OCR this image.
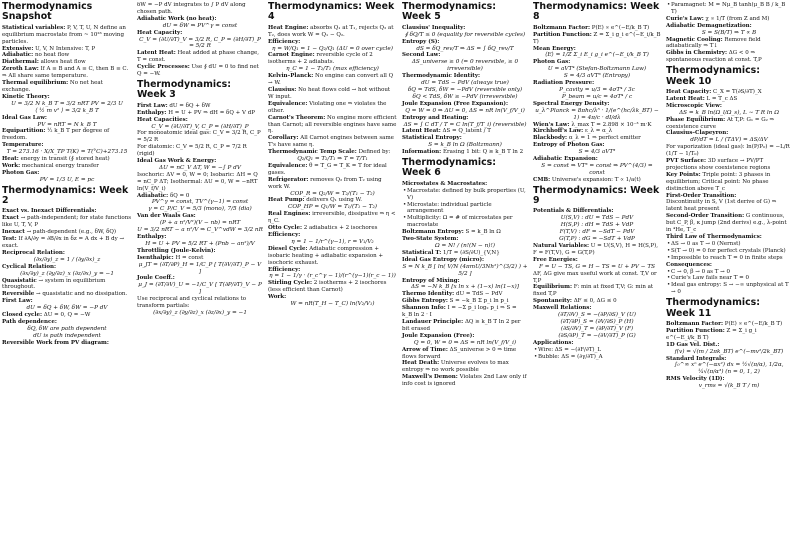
Thermodynamics Snapshot

Statistical variables: P, V, T, U, N define an equilibrium macrostate from ~ 10²³ moving particles.

Extensive: U, V, N Intensive: T, P

Adiabatic: no heat flow

Diathermal: allows heat flow

Zeroth Law: If A ≡ B and A ≡ C, then B ≡ C.

⇒ All share same temperature.

Thermal equilibrium: No net heat exchange.

Kinetic Theory:

U = 3/2 N k_B T = 3/2 nRT PV = 2/3 U

⟨ ½ m v² ⟩ = 3/2 k_B T

Ideal Gas Law:

PV = nRT = N k_B T

Equipartition: ½ k_B T per degree of freedom.

Temperature:

T = 273.16 · X/X_TP T(K) = T(°C)+273.15

Heat: energy in transit (∮ stored heat)

Work: mechanical energy transfer

Photon Gas:

PV = 1/3 U, E = pc

Thermodynamics: Week 2

Exact vs. Inexact Differentials:

Exact → path-independent; for state functions like U, T, V, P

Inexact → path-dependent (e.g., δW, δQ)

Test: If ∂A/∂y = ∂B/∂x in δz = A dx + B dy → exact.

Reciprocal Relation:

(∂x/∂y)_z = 1 / (∂y/∂x)_z

Cyclical Relation:

(∂x/∂y)_z (∂y/∂z)_x (∂z/∂x)_y = −1

Quasistatic → system in equilibrium throughout.

Reversible → quasistatic and no dissipation.

First Law:

dU = δQ + δW, δW = −P dV

Closed cycle: ΔU = 0, Q = −W

Path dependence:

δQ, δW are path dependent

dU is path independent

Reversible Work from PV diagram:

δW = −P dV integrates to ∫ P dV along chosen path.

Adiabatic Work (no heat):

dU = δW ⇒ PV^γ = const

Heat Capacity:

C_V = (∂U/∂T)_V = 3/2 R, C_P = (∂H/∂T)_P = 5/2 R

Latent Heat: Heat added at phase change, T = const.

Cyclic Processes: Use ∮ dU = 0 to find net Q = −W.

Thermodynamics: Week 3

First Law: dU = δQ + δW

Enthalpy: H = U + PV ⇒ dH = δQ + V dP

Heat Capacities:

C_V = (∂U/∂T)_V, C_P = (∂H/∂T)_P

For monoatomic ideal gas: C_V = 3/2 R, C_P = 5/2 R

For diatomic: C_V = 5/2 R, C_P = 7/2 R (rigid)

Ideal Gas Work & Energy:

ΔU = nC_V ΔT, W = −∫ P dV

Isochoric: ΔV = 0, W = 0; Isobaric: ΔH = Q = nC_P ΔT; Isothermal: ΔU = 0, W = −nRT ln(V_f/V_i)

Adiabatic: δQ = 0

PV^γ = const, TV^(γ−1) = const

γ = C_P/C_V = 5/3 (mono), 7/5 (dia)

Van der Waals Gas:

(P + a n²/V²)(V − nb) = nRT

U = 3/2 nRT − a n²/V ⇒ C_V^vdW = 3/2 nR

Enthalpy:

H = U + PV = 5/2 RT + (Pnb − an²)/V

Throttling (Joule-Kelvin):

Isenthalpic: H = const

μ_JT = (∂T/∂P)_H = 1/C_P [ T(∂V/∂T)_P − V ]

Joule Coeff.:

μ_J = (∂T/∂V)_U = −1/C_V [ T(∂P/∂T)_V − P ]

Use reciprocal and cyclical relations to transform partials:

(∂x/∂y)_z (∂y/∂z)_x (∂z/∂x)_y = −1

Thermodynamics: Week 4

Heat Engine: absorbs Q₁ at T₁, rejects Q₂ at T₂, does work W = Q₁ − Q₂.

Efficiency:

η = W/Q₁ = 1 − Q₂/Q₁ (ΔU = 0 over cycle)

Carnot Engine: reversible cycle of 2 isotherms + 2 adiabats.

η_C = 1 − T₂/T₁ (max efficiency)

Kelvin–Planck: No engine can convert all Q → W.

Clausius: No heat flows cold → hot without W input.

Equivalence: Violating one ⇒ violates the other.

Carnot's Theorem: No engine more efficient than Carnot; all reversible engines have same η.

Corollary: All Carnot engines between same T's have same η.

Thermodynamic Temp Scale: Defined by:

Q₂/Q₁ = T₂/T₁ ⇒ T = T/T₁

Equivalence: θ = T_G = T_K = T for ideal gases.

Refrigerator: removes Q₂ from T₂ using work W.

COP_R = Q₂/W = T₂/(T₁ − T₂)

Heat Pump: delivers Q₁ using W.

COP_HP = Q₁/W = T₁/(T₁ − T₂)

Real Engines: irreversible, dissipative ⇒ η < η_C.

Otto Cycle: 2 adiabatics + 2 isochores

Efficiency:

η = 1 − 1/r^(γ−1), r = V₁/V₂

Diesel Cycle: Adiabatic compression + isobaric heating + adiabatic expansion + isochoric exhaust.

Efficiency:

η = 1 − 1/γ · (r_c^γ − 1)/(r^(γ−1)(r_c − 1))

Stirling Cycle: 2 isotherms + 2 isochores (less efficient than Carnot)

Work:

W = nR(T_H − T_C) ln(V₂/V₁)

Thermodynamics: Week 5

Clausius' Inequality:

∮ δQ/T ≤ 0 (equality for reversible cycles)

Entropy (S):

dS = δQ_rev/T ⇒ ΔS = ∫ δQ_rev/T

Second Law:

ΔS_universe ≥ 0 (= 0 reversible, ≥ 0 irreversible)

Thermodynamic Identity:

dU = TdS − PdV (always true)

δQ = TdS, δW = −PdV (reversible only)

δQ < TdS, δW ≥ −PdV (irreversible)

Joule Expansion (Free Expansion):

Q = W = 0 ⇒ ΔU = 0, ΔS = nR ln(V_f/V_i)

Entropy and Heating:

ΔS = ∫ C dT / T = C ln(T_f/T_i) (reversible)

Latent Heat: ΔS = Q_latent / T

Statistical Entropy:

S = k_B ln Ω (Boltzmann)

Information: Erasing 1 bit: Q ≥ k_B T ln 2

Thermodynamics: Week 6

Microstates & Macrostates:

• Macrostate: defined by bulk properties (U, V)

• Microstate: individual particle arrangement

• Multiplicity: Ω = # of microstates per macrostate

Boltzmann Entropy: S = k_B ln Ω

Two-State System:

Ω = N! / (n!(N − n)!)

Statistical T: 1/T = (∂S/∂U)_{V,N}

Ideal Gas Entropy (micro):

S = N k_B [ ln( V/N (4πmU/3Nh²)^(3/2) ) + 5/2 ]

Entropy of Mixing:

ΔS = −N k_B [x ln x + (1−x) ln(1−x)]

Thermo Identity: dU = TdS − PdV

Gibbs Entropy: S = −k_B Σ p_i ln p_i

Shannon Info: I = −Σ p_i log₂ p_i ⇒ S = k_B ln 2 · I

Landauer Principle: ΔQ ≥ k_B T ln 2 per bit erased

Joule Expansion (Free):

Q = 0, W = 0 ⇒ ΔS = nR ln(V_f/V_i)

Arrow of Time: ΔS_universe > 0 ⇒ time flows forward

Heat Death: Universe evolves to max entropy ⇒ no work possible

Maxwell's Demon: Violates 2nd Law only if info cost is ignored

Thermodynamics: Week 8

Boltzmann Factor: P(E) ∝ e^(−E/k_B T)

Partition Function: Z = Σ_i g_i e^(−E_i/k_B T)

Mean Energy:

⟨E⟩ = 1/Z Σ_i E_i g_i e^(−E_i/k_B T)

Photon Gas:

U = aVT⁴ (Stefan-Boltzmann Law)

S = 4/3 aVT³ (Entropy)

Radiation Pressure:

P_cavity = u/3 = 4σT⁴ / 3c

P_beam = u/c = 4σT⁴ / c

Spectral Energy Density:

u_λ^Planck = 8πhc/λ⁵ · 1/(e^(hc/λk_BT) − 1) = 4π/c · dI/dλ

Wien's Law: λ_max T = 2.898 × 10⁻³ m·K

Kirchhoff's Law: ε_λ = α_λ

Blackbody: α_λ = 1 ⇒ perfect emitter

Entropy of Photon Gas:

S = 4/3 aVT³

Adiabatic Expansion:

S = const ⇒ VT³ = const ⇒ PV^(4/3) = const

CMB: Universe's expansion: T ∝ 1/a(t)

Thermodynamics: Week 9

Potentials & Differentials:

U(S,V) : dU = TdS − PdV

H(S,P) : dH = TdS + VdP

F(T,V) : dF = −SdT − PdV

G(T,P) : dG = −SdT + VdP

Natural Variables: U = U(S,V), H = H(S,P), F = F(T,V), G = G(T,P)

Free Energies:

F = U − TS, G = H − TS = U + PV − TS

ΔF, ΔG give max useful work at const. T,V or T,P

Equilibrium: F: min at fixed T,V; G: min at fixed T,P

Spontaneity: ΔF ≤ 0, ΔG ≤ 0

Maxwell Relations:

(∂T/∂V)_S = −(∂P/∂S)_V (U)

(∂T/∂P)_S = (∂V/∂S)_P (H)

(∂S/∂V)_T = (∂P/∂T)_V (F)

(∂S/∂P)_T = −(∂V/∂T)_P (G)

Applications:

• Wire: ΔS = −(∂F/∂T)_L

• Bubble: ΔS = (∂γ/∂T)_A

• Paramagnet: M = Nμ_B tanh(μ_B B / k_B T)

Curie's Law: χ ∝ 1/T (from Z and M)

Adiabatic Demagnetization:

S = S(B/T) ⇒ T ∝ B

Magnetic Cooling: Remove field adiabatically ⇒ T↓

Gibbs in Chemistry: ΔG < 0 ⇒ spontaneous reaction at const. T,P

Thermodynamics: Week 10

Heat Capacity: C_X = T(∂S/∂T)_X

Latent Heat: L = T_c ΔS

Microscopic View:

ΔS = k_B ln(Ω_l/Ω_s), L ∼ T R ln Ω

Phase Equilibrium: At T,P: G₁ = G₂ ⇒ coexistence curve

Clausius–Clapeyron:

dP/dT = L / (TΔV) = ΔS/ΔV

For vaporization (ideal gas): ln(P/P₀) = −L/R (1/T − 1/T₀)

PVT Surface: 3D surface → PV/PT projections show coexistence regions

Key Points: Triple point: 3 phases in equilibrium; Critical point: No phase distinction above T_c

First-Order Transition:

Discontinuity in S, V (1st derive of G) ⇒ latent heat present

Second-Order Transition: G continuous, but C_P, β, κ jump (2nd derivs) e.g., λ-point in ⁴He, T_c

Third Law of Thermodynamics:

• ΔS → 0 as T → 0 (Nernst)

• S(T → 0) = 0 for perfect crystals (Planck)

• Impossible to reach T = 0 in finite steps

Consequences:

• C → 0, β → 0 as T → 0

• Curie's Law fails near T = 0

• Ideal gas entropy: S → −∞ unphysical at T → 0

Thermodynamics: Week 11

Boltzmann Factor: P(E) ∝ e^(−E/k_B T)

Partition Function: Z = Σ_i g_i e^(−E_i/k_B T)

1D Gas Vel. Dist.:

f(v) = √(m / 2πk_BT) e^(−mv²/2k_BT)

Standard Integrals:

∫₀^∞ xⁿ e^(−αx²) dx = ½√(π/α), 1/2α, ¼√(π/α³) (n = 0, 1, 2)

RMS Velocity (1D):

v_rms = √(k_B T / m)
